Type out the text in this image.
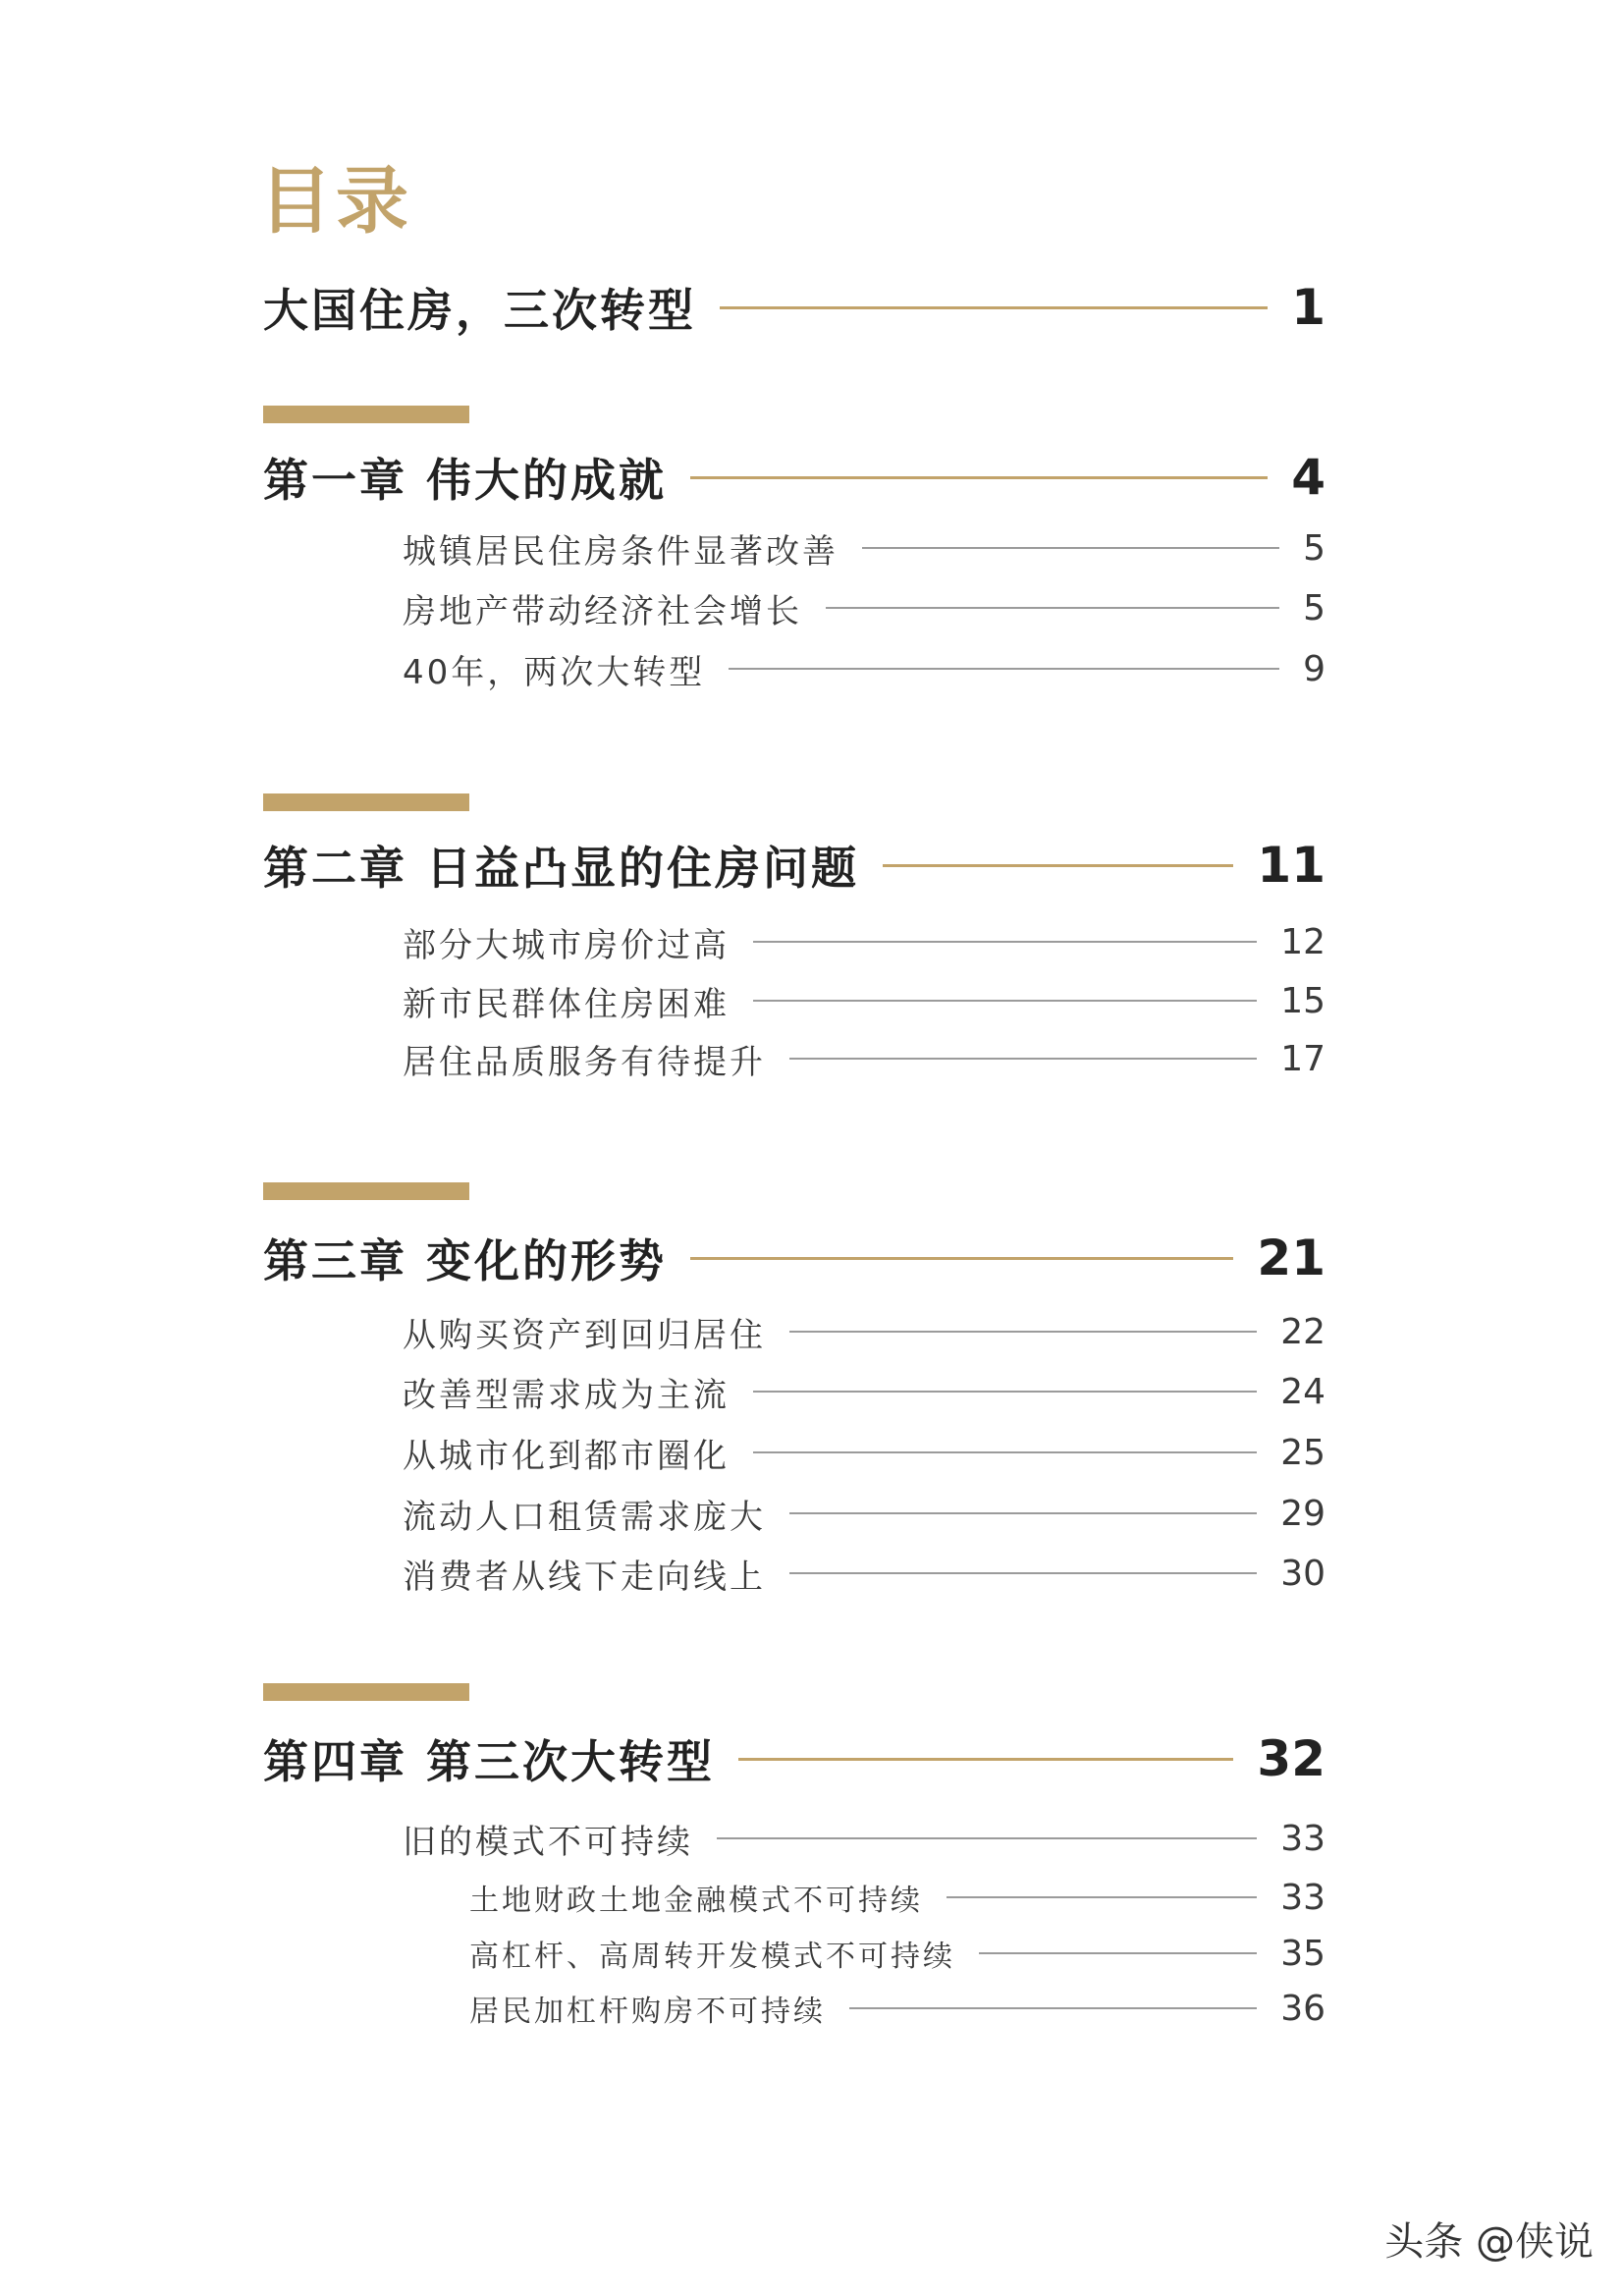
目录
大国住房，三次转型	1
第一章 伟大的成就	4
城镇居民住房条件显著改善	5
房地产带动经济社会增长	5
40年，两次大转型	9
第二章 日益凸显的住房问题	11
部分大城市房价过高	12
新市民群体住房困难	15
居住品质服务有待提升	17
第三章 变化的形势	21
从购买资产到回归居住	22
改善型需求成为主流	24
从城市化到都市圈化	25
流动人口租赁需求庞大	29
消费者从线下走向线上	30
第四章 第三次大转型	32
旧的模式不可持续	33
土地财政土地金融模式不可持续	33
高杠杆、高周转开发模式不可持续	35
居民加杠杆购房不可持续	36
头条 @侠说
